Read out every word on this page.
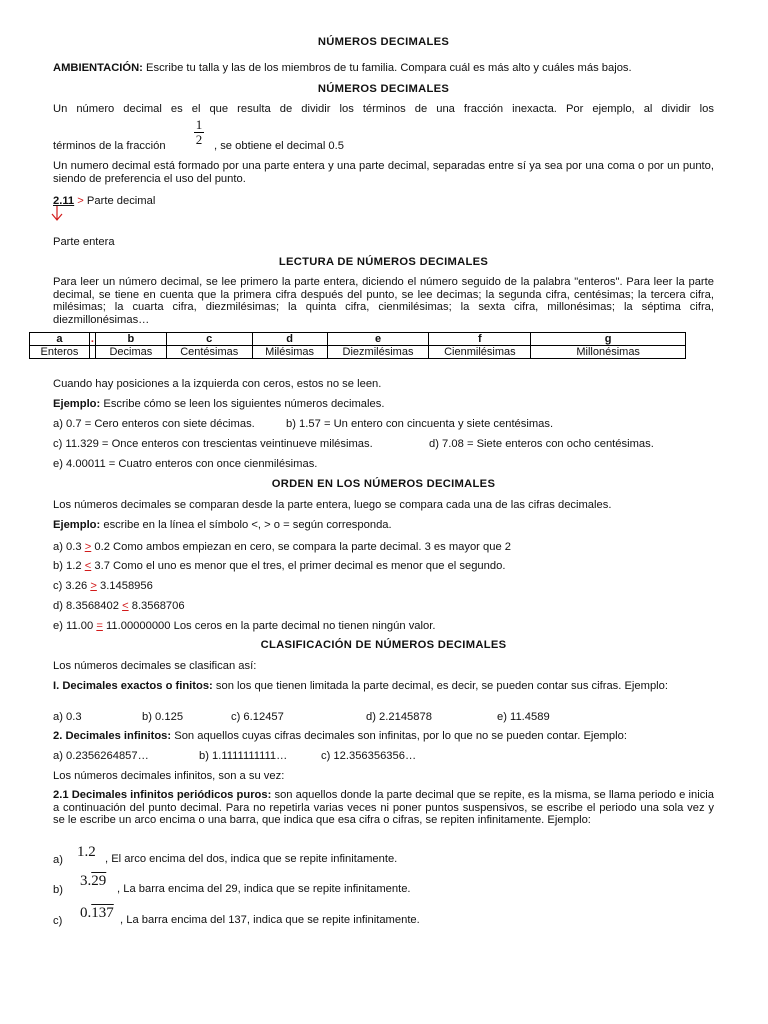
NÚMEROS DECIMALES
AMBIENTACIÓN: Escribe tu talla y las de los miembros de tu familia. Compara cuál es más alto y cuáles más bajos.
NÚMEROS DECIMALES
Un número decimal es el que resulta de dividir los términos de una fracción inexacta. Por ejemplo, al dividir los
1
2
términos de la fracción	, se obtiene el decimal 0.5
Un numero decimal está formado por una parte entera y una parte decimal, separadas entre sí ya sea por una coma o por un punto, siendo de preferencia el uso del punto.
2.11 > Parte decimal
Parte entera
LECTURA DE NÚMEROS DECIMALES
Para leer un número decimal, se lee primero la parte entera, diciendo el número seguido de la palabra "enteros". Para leer la parte decimal, se tiene en cuenta que la primera cifra después del punto, se lee decimas; la segunda cifra, centésimas; la tercera cifra, milésimas; la cuarta cifra, diezmilésimas; la quinta cifra, cienmilésimas; la sexta cifra, millonésimas; la séptima cifra, diezmillonésimas…
Cuando hay posiciones a la izquierda con ceros, estos no se leen.
Ejemplo: Escribe cómo se leen los siguientes números decimales.
a) 0.7 = Cero enteros con siete décimas.	b) 1.57 = Un entero con cincuenta y siete centésimas.
c) 11.329 = Once enteros con trescientas veintinueve milésimas.	d) 7.08 = Siete enteros con ocho centésimas.
e) 4.00011 = Cuatro enteros con once cienmilésimas.
ORDEN EN LOS NÚMEROS DECIMALES
Los números decimales se comparan desde la parte entera, luego se compara cada una de las cifras decimales.
Ejemplo: escribe en la línea el símbolo <, > o = según corresponda.
a) 0.3 > 0.2 Como ambos empiezan en cero, se compara la parte decimal. 3 es mayor que 2
b) 1.2 < 3.7 Como el uno es menor que el tres, el primer decimal es menor que el segundo.
c) 3.26 > 3.1458956
d) 8.3568402 < 8.3568706
e) 11.00 = 11.00000000 Los ceros en la parte decimal no tienen ningún valor.
CLASIFICACIÓN DE NÚMEROS DECIMALES
Los números decimales se clasifican así:
I. Decimales exactos o finitos: son los que tienen limitada la parte decimal, es decir, se pueden contar sus cifras. Ejemplo:
a) 0.3	b) 0.125	c) 6.12457	d) 2.2145878	e) 11.4589
2. Decimales infinitos: Son aquellos cuyas cifras decimales son infinitas, por lo que no se pueden contar. Ejemplo:
a) 0.2356264857…	b) 1.1111111111…	c) 12.356356356…
Los números decimales infinitos, son a su vez:
2.1 Decimales infinitos periódicos puros: son aquellos donde la parte decimal que se repite, es la misma, se llama periodo e inicia a continuación del punto decimal. Para no repetirla varias veces ni poner puntos suspensivos, se escribe el periodo una sola vez y se le escribe un arco encima o una barra, que indica que esa cifra o cifras, se repiten infinitamente. Ejemplo:
a) 1.2 , El arco encima del dos, indica que se repite infinitamente.
b)
3.29 , La barra encima del 29, indica que se repite infinitamente.
c) 0.137 , La barra encima del 137, indica que se repite infinitamente.
a	.	b	c	d	e	f	g
Enteros		Decimas	Centésimas	Milésimas	Diezmilésimas	Cienmilésimas	Millonésimas
